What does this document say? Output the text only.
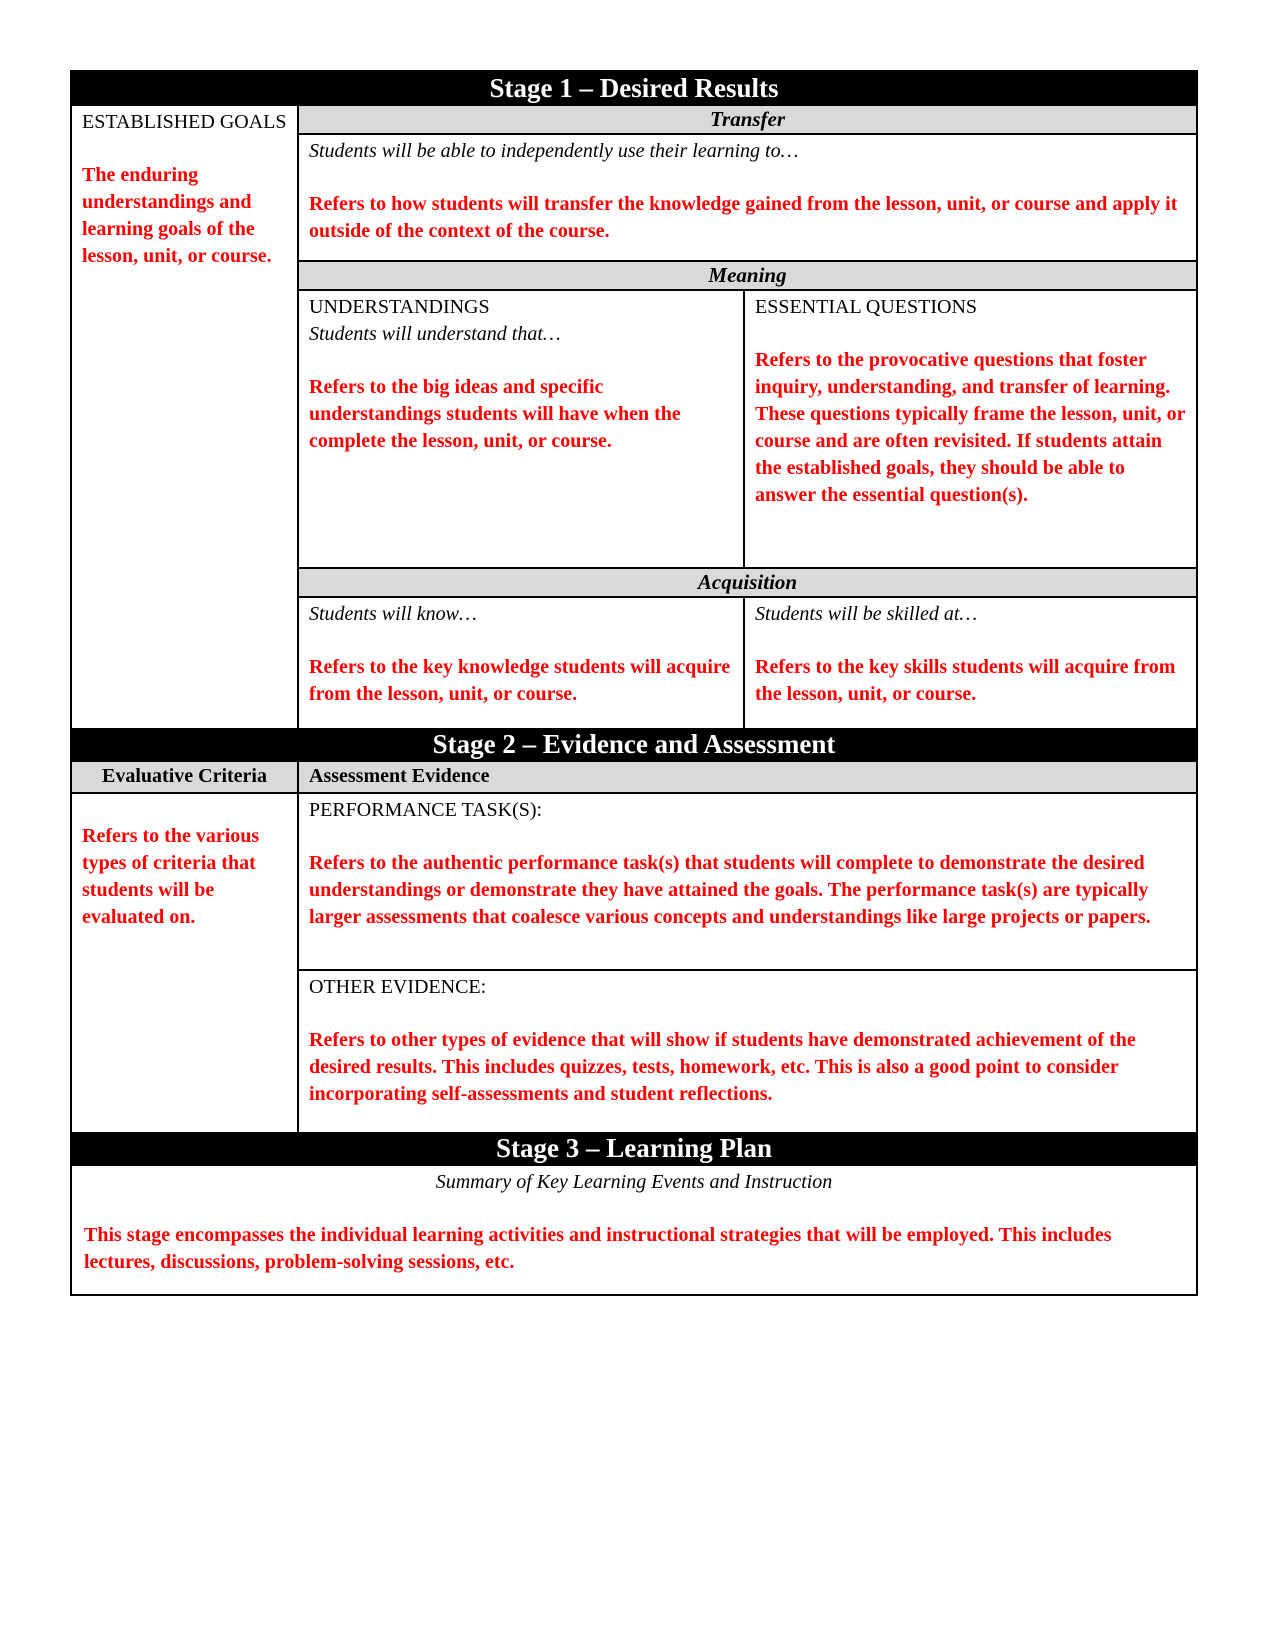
Stage 1 – Desired Results
ESTABLISHED GOALS
The enduring understandings and learning goals of the lesson, unit, or course.
Transfer
Students will be able to independently use their learning to…
Refers to how students will transfer the knowledge gained from the lesson, unit, or course and apply it outside of the context of the course.
Meaning
UNDERSTANDINGS
Students will understand that…
Refers to the big ideas and specific understandings students will have when the complete the lesson, unit, or course.
ESSENTIAL QUESTIONS
Refers to the provocative questions that foster inquiry, understanding, and transfer of learning. These questions typically frame the lesson, unit, or course and are often revisited. If students attain the established goals, they should be able to answer the essential question(s).
Acquisition
Students will know…
Refers to the key knowledge students will acquire from the lesson, unit, or course.
Students will be skilled at…
Refers to the key skills students will acquire from the lesson, unit, or course.
Stage 2 – Evidence and Assessment
Evaluative Criteria	Assessment Evidence
Refers to the various types of criteria that students will be evaluated on.
PERFORMANCE TASK(S):
Refers to the authentic performance task(s) that students will complete to demonstrate the desired understandings or demonstrate they have attained the goals. The performance task(s) are typically larger assessments that coalesce various concepts and understandings like large projects or papers.
OTHER EVIDENCE:
Refers to other types of evidence that will show if students have demonstrated achievement of the desired results. This includes quizzes, tests, homework, etc. This is also a good point to consider incorporating self-assessments and student reflections.
Stage 3 – Learning Plan
Summary of Key Learning Events and Instruction
This stage encompasses the individual learning activities and instructional strategies that will be employed. This includes lectures, discussions, problem-solving sessions, etc.
